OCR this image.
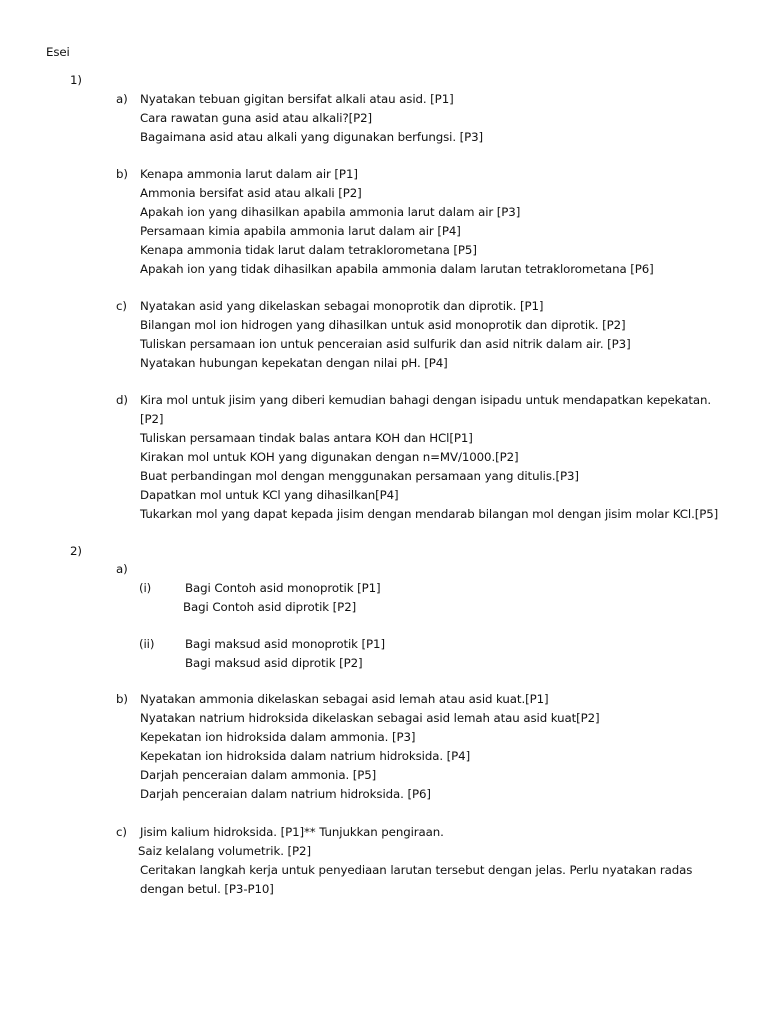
Esei
1)
a) Nyatakan tebuan gigitan bersifat alkali atau asid. [P1]
Cara rawatan guna asid atau alkali?[P2]
Bagaimana asid atau alkali yang digunakan berfungsi. [P3]
b) Kenapa ammonia larut dalam air [P1]
Ammonia bersifat asid atau alkali [P2]
Apakah ion yang dihasilkan apabila ammonia larut dalam air [P3]
Persamaan kimia apabila ammonia larut dalam air [P4]
Kenapa ammonia tidak larut dalam tetraklorometana [P5]
Apakah ion yang tidak dihasilkan apabila ammonia dalam larutan tetraklorometana [P6]
c) Nyatakan asid yang dikelaskan sebagai monoprotik dan diprotik. [P1]
Bilangan mol ion hidrogen yang dihasilkan untuk asid monoprotik dan diprotik. [P2]
Tuliskan persamaan ion untuk penceraian asid sulfurik dan asid nitrik dalam air. [P3]
Nyatakan hubungan kepekatan dengan nilai pH. [P4]
d) Kira mol untuk jisim yang diberi kemudian bahagi dengan isipadu untuk mendapatkan kepekatan.
[P2]
Tuliskan persamaan tindak balas antara KOH dan HCl[P1]
Kirakan mol untuk KOH yang digunakan dengan n=MV/1000.[P2]
Buat perbandingan mol dengan menggunakan persamaan yang ditulis.[P3]
Dapatkan mol untuk KCl yang dihasilkan[P4]
Tukarkan mol yang dapat kepada jisim dengan mendarab bilangan mol dengan jisim molar KCl.[P5]
2)
a)
(i)	Bagi Contoh asid monoprotik [P1]
Bagi Contoh asid diprotik [P2]
(ii)	Bagi maksud asid monoprotik [P1]
Bagi maksud asid diprotik [P2]
b) Nyatakan ammonia dikelaskan sebagai asid lemah atau asid kuat.[P1]
Nyatakan natrium hidroksida dikelaskan sebagai asid lemah atau asid kuat[P2]
Kepekatan ion hidroksida dalam ammonia. [P3]
Kepekatan ion hidroksida dalam natrium hidroksida. [P4]
Darjah penceraian dalam ammonia. [P5]
Darjah penceraian dalam natrium hidroksida. [P6]
c) Jisim kalium hidroksida. [P1]** Tunjukkan pengiraan.
Saiz kelalang volumetrik. [P2]
Ceritakan langkah kerja untuk penyediaan larutan tersebut dengan jelas. Perlu nyatakan radas
dengan betul. [P3-P10]
